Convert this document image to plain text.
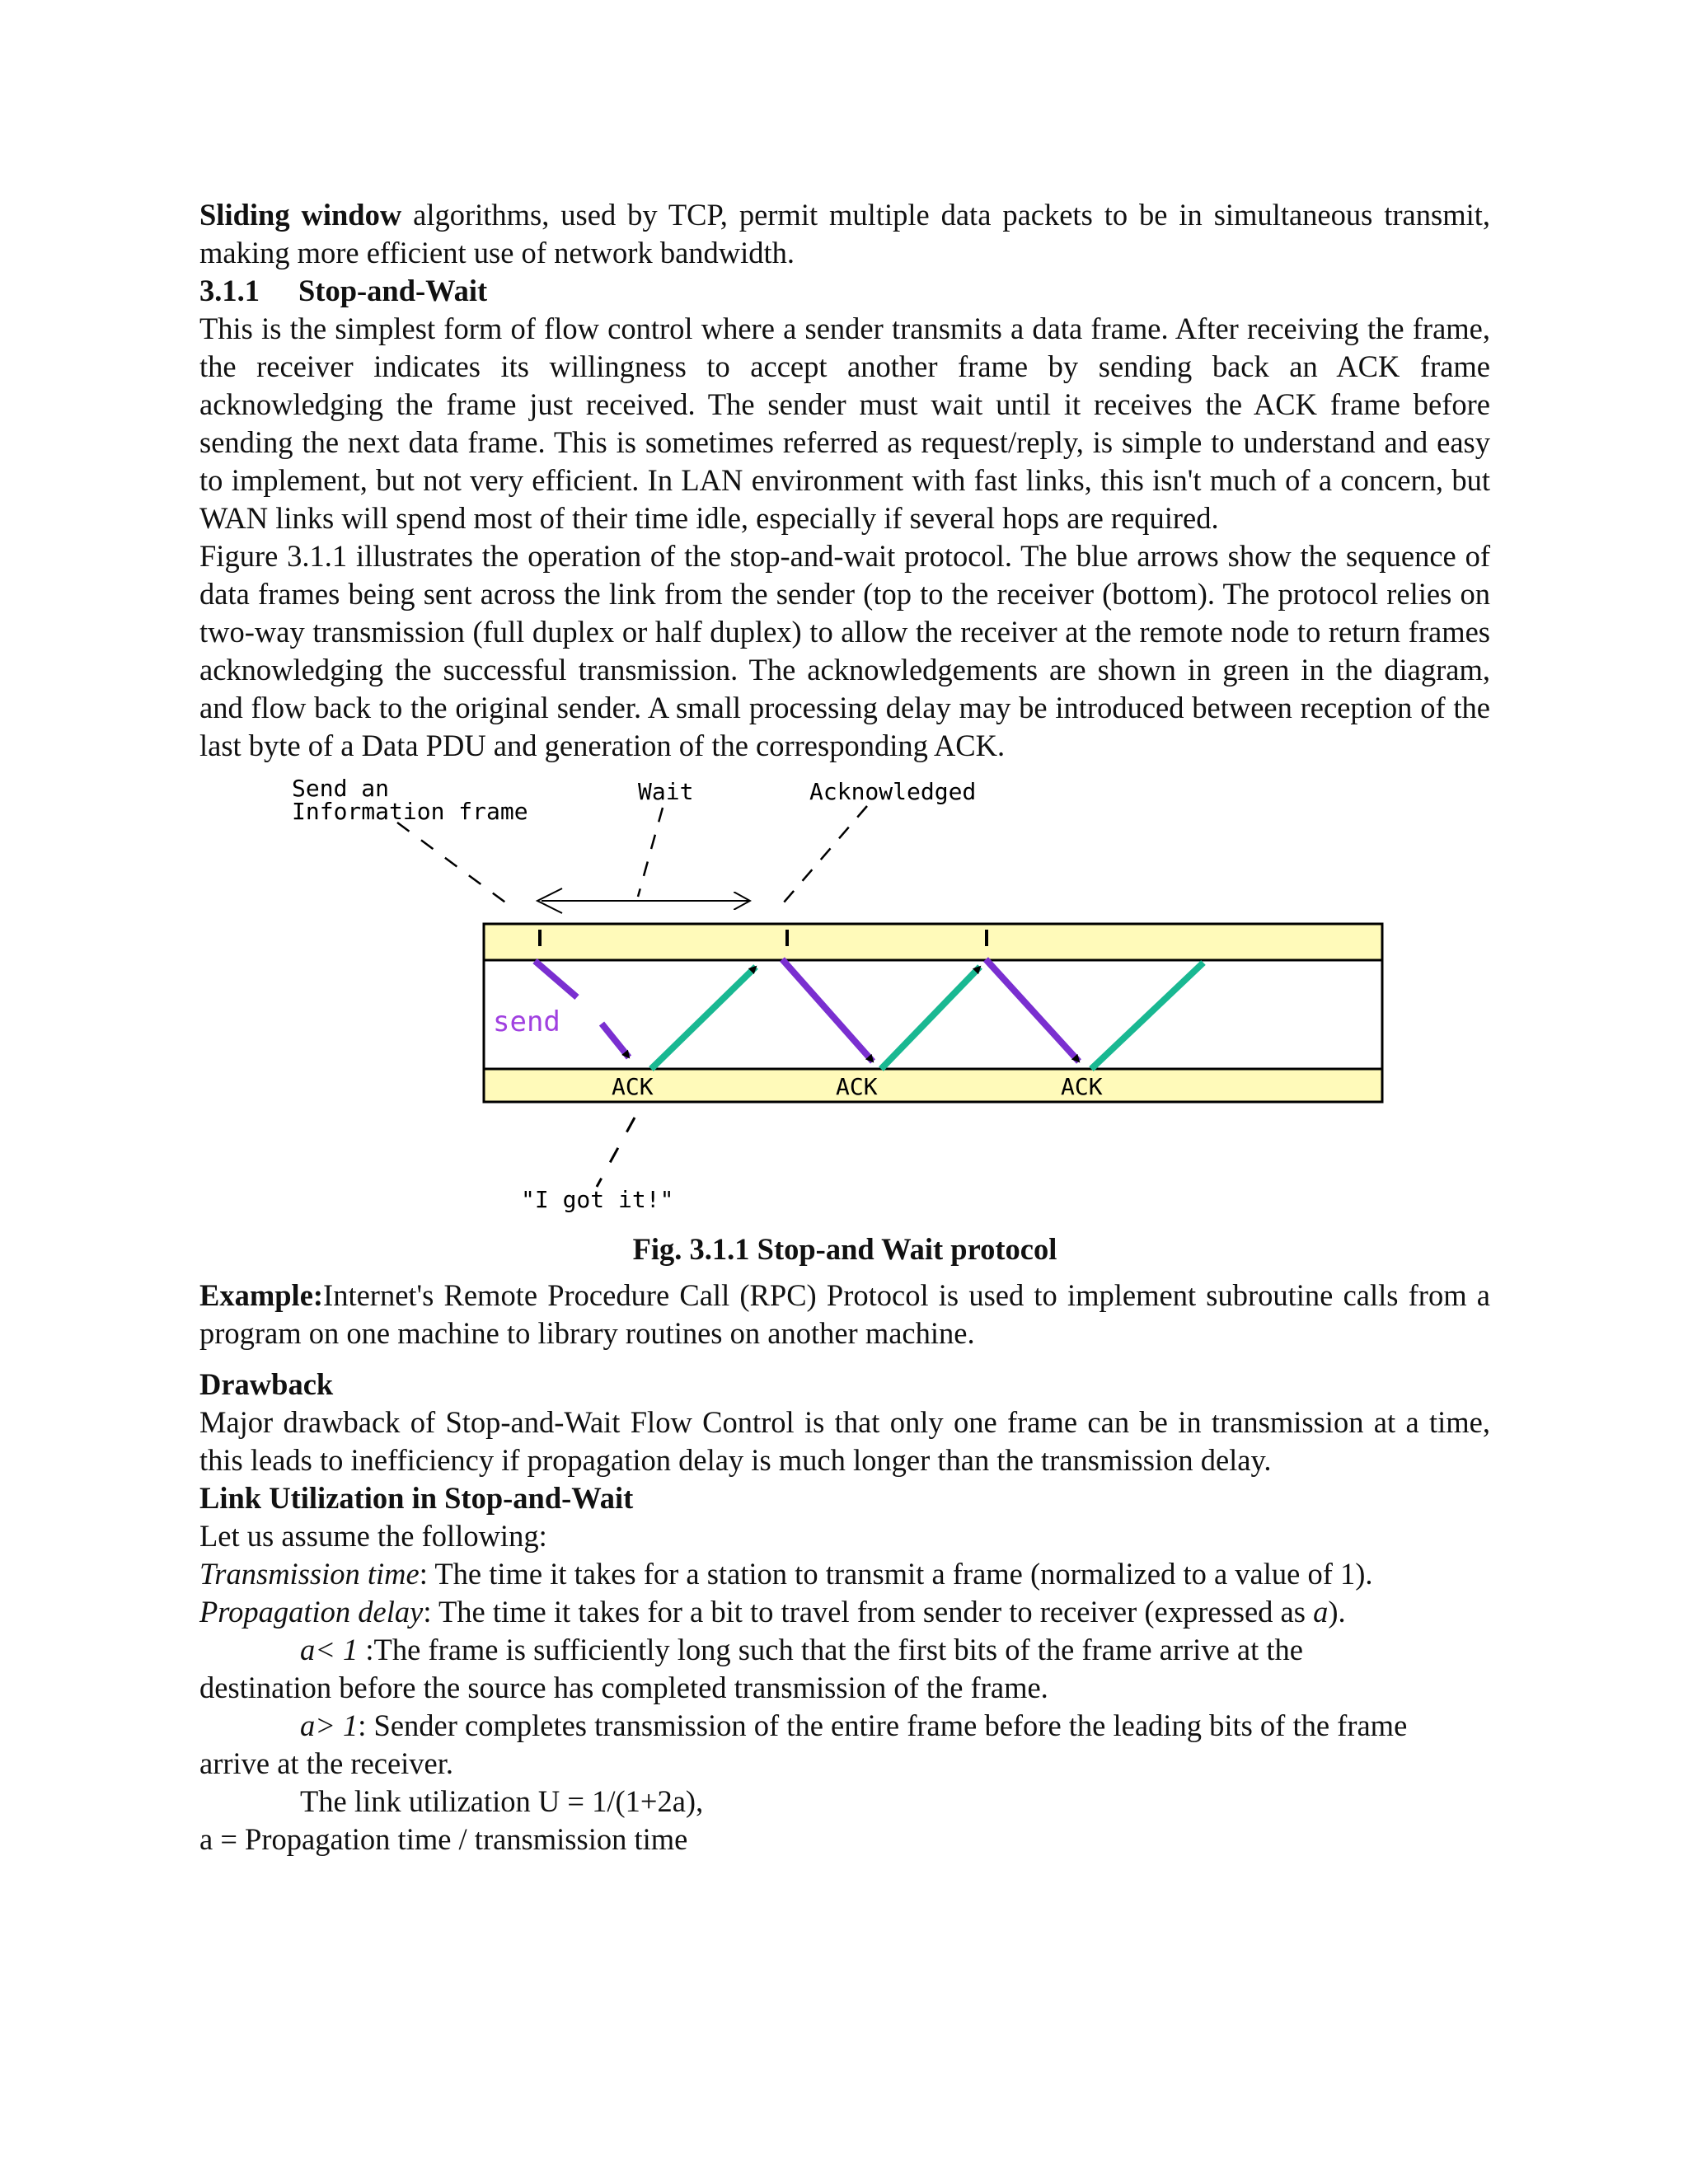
Sliding window algorithms, used by TCP, permit multiple data packets to be in simultaneous transmit, making more efficient use of network bandwidth.

3.1.1 Stop-and-Wait

This is the simplest form of flow control where a sender transmits a data frame. After receiving the frame, the receiver indicates its willingness to accept another frame by sending back an ACK frame acknowledging the frame just received. The sender must wait until it receives the ACK frame before sending the next data frame. This is sometimes referred as request/reply, is simple to understand and easy to implement, but not very efficient. In LAN environment with fast links, this isn't much of a concern, but WAN links will spend most of their time idle, especially if several hops are required.

Figure 3.1.1 illustrates the operation of the stop-and-wait protocol. The blue arrows show the sequence of data frames being sent across the link from the sender (top to the receiver (bottom). The protocol relies on two-way transmission (full duplex or half duplex) to allow the receiver at the remote node to return frames acknowledging the successful transmission. The acknowledgements are shown in green in the diagram, and flow back to the original sender. A small processing delay may be introduced between reception of the last byte of a Data PDU and generation of the corresponding ACK.

Send an
Information frame
Wait	Acknowledged
send
ACK	ACK	ACK
"I got it!"

Fig. 3.1.1 Stop-and Wait protocol

Example:Internet's Remote Procedure Call (RPC) Protocol is used to implement subroutine calls from a program on one machine to library routines on another machine.

Drawback

Major drawback of Stop-and-Wait Flow Control is that only one frame can be in transmission at a time, this leads to inefficiency if propagation delay is much longer than the transmission delay.

Link Utilization in Stop-and-Wait

Let us assume the following:

Transmission time: The time it takes for a station to transmit a frame (normalized to a value of 1).

Propagation delay: The time it takes for a bit to travel from sender to receiver (expressed as a).

a< 1 :The frame is sufficiently long such that the first bits of the frame arrive at the

destination before the source has completed transmission of the frame.

a> 1: Sender completes transmission of the entire frame before the leading bits of the frame

arrive at the receiver.

The link utilization U = 1/(1+2a),

a = Propagation time / transmission time
